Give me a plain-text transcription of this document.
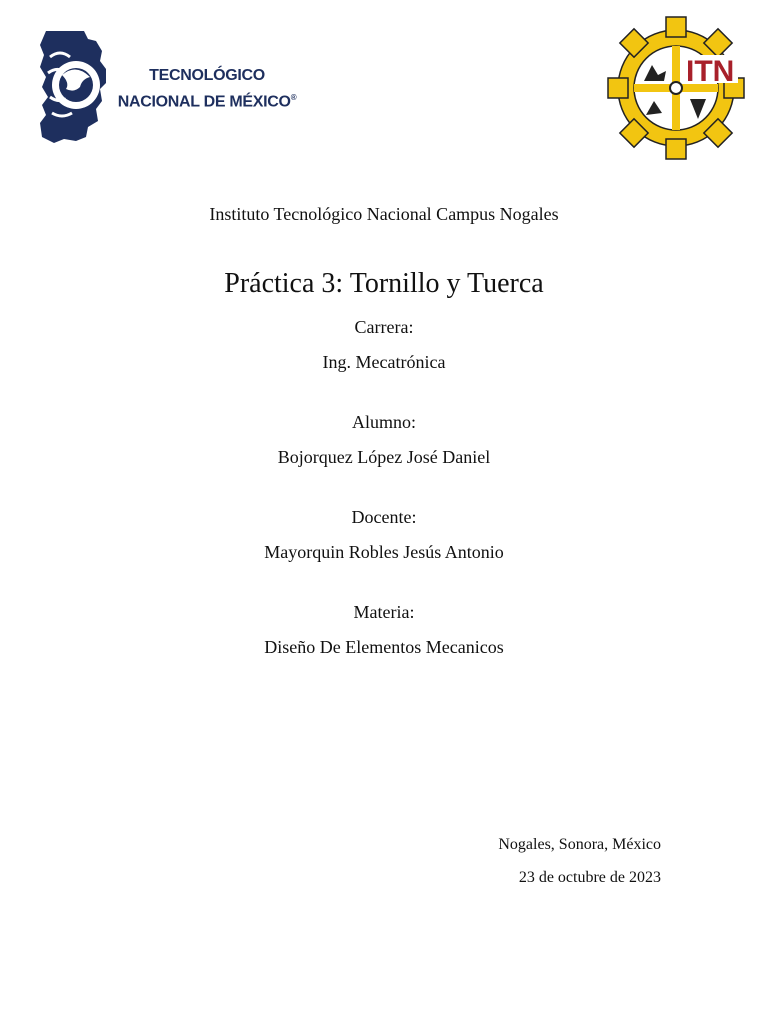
TECNOLÓGICO
NACIONAL DE MÉXICO®
ITN
Instituto Tecnológico Nacional Campus Nogales
Práctica 3: Tornillo y Tuerca
Carrera:
Ing. Mecatrónica
Alumno:
Bojorquez López José Daniel
Docente:
Mayorquin Robles Jesús Antonio
Materia:
Diseño De Elementos Mecanicos
Nogales, Sonora, México
23 de octubre de 2023
